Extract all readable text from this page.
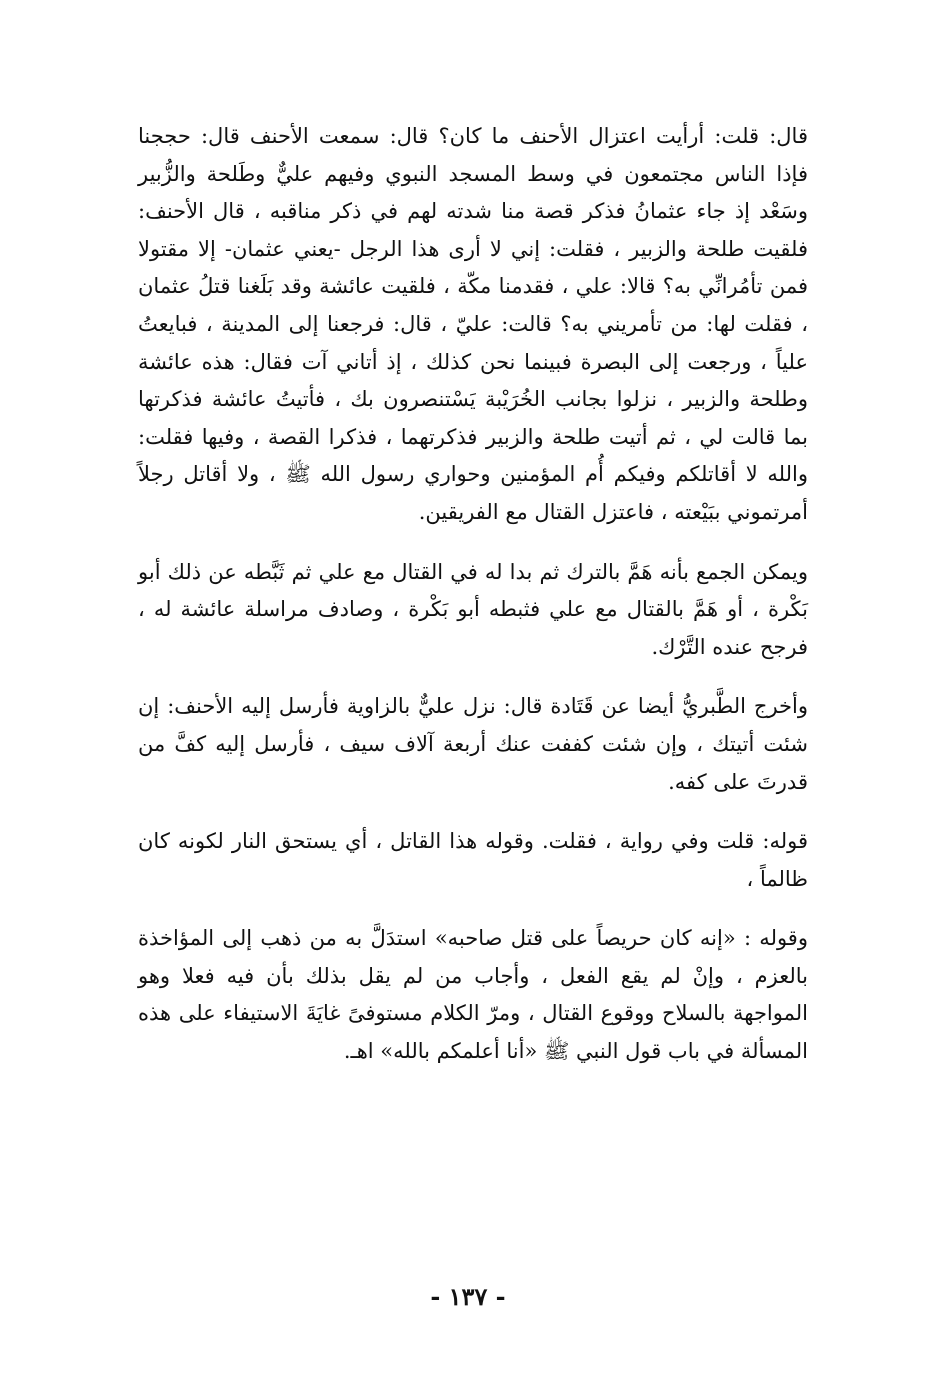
قال: قلت: أرأيت اعتزال الأحنف ما كان؟ قال: سمعت الأحنف قال: حججنا فإذا الناس مجتمعون في وسط المسجد النبوي وفيهم عليٌّ وطَلحة والزُّبير وسَعْد إذ جاء عثمانُ فذكر قصة منا شدته لهم في ذكر مناقبه ، قال الأحنف: فلقيت طلحة والزبير ، فقلت: إني لا أرى هذا الرجل -يعني عثمان- إلا مقتولا فمن تأمُرانِّي به؟ قالا: علي ، فقدمنا مكّة ، فلقيت عائشة وقد بَلَغنا قتلُ عثمان ، فقلت لها: من تأمريني به؟ قالت: عليّ ، قال: فرجعنا إلى المدينة ، فبايعتُ علياً ، ورجعت إلى البصرة فبينما نحن كذلك ، إذ أتاني آت فقال: هذه عائشة وطلحة والزبير ، نزلوا بجانب الخُرَيْبة يَسْتنصرون بك ، فأتيتُ عائشة فذكرتها بما قالت لي ، ثم أتيت طلحة والزبير فذكرتهما ، فذكرا القصة ، وفيها فقلت: والله لا أقاتلكم وفيكم أُم المؤمنين وحواري رسول الله ﷺ ، ولا أقاتل رجلاً أمرتموني ببَيْعته ، فاعتزل القتال مع الفريقين.

ويمكن الجمع بأنه هَمَّ بالترك ثم بدا له في القتال مع علي ثم ثَبَّطه عن ذلك أبو بَكْرة ، أو هَمَّ بالقتال مع علي فثبطه أبو بَكْرة ، وصادف مراسلة عائشة له ، فرجح عنده التَّرْك.

وأخرج الطَّبريُّ أيضا عن قَتَادة قال: نزل عليٌّ بالزاوية فأرسل إليه الأحنف: إن شئت أتيتك ، وإن شئت كففت عنك أربعة آلاف سيف ، فأرسل إليه كفَّ من قدرتَ على كفه.

قوله: قلت وفي رواية ، فقلت. وقوله هذا القاتل ، أي يستحق النار لكونه كان ظالماً ،

وقوله : «إنه كان حريصاً على قتل صاحبه» استدَلَّ به من ذهب إلى المؤاخذة بالعزم ، وإنْ لم يقع الفعل ، وأجاب من لم يقل بذلك بأن فيه فعلا وهو المواجهة بالسلاح ووقوع القتال ، ومرّ الكلام مستوفىً غايَةَ الاستيفاء على هذه المسألة في باب قول النبي ﷺ «أنا أعلمكم بالله» اهـ.

- ١٣٧ -
